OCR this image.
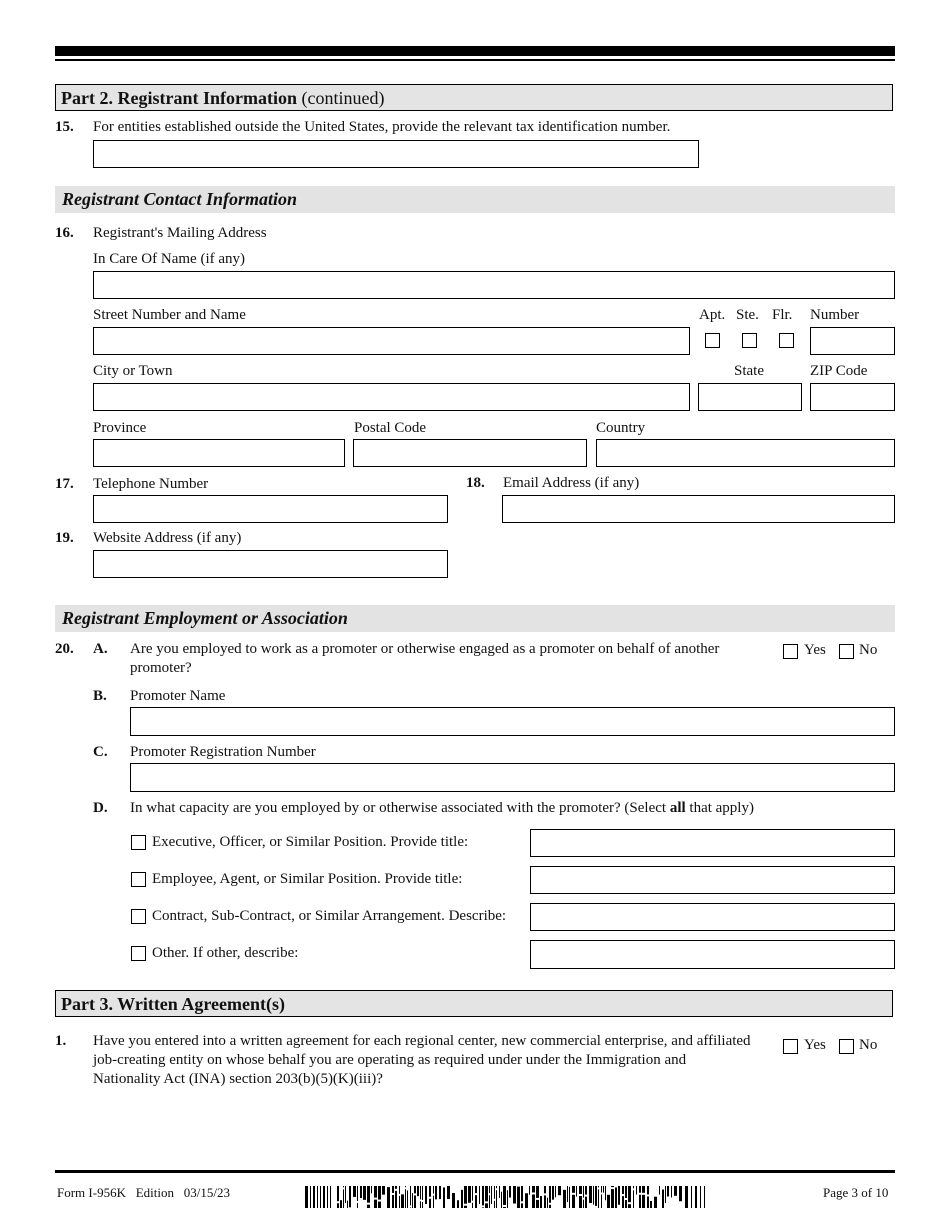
Part 2. Registrant Information (continued)
15. For entities established outside the United States, provide the relevant tax identification number.
Registrant Contact Information
16. Registrant's Mailing Address
In Care Of Name (if any)
Street Number and Name	Apt. Ste. Flr. Number
City or Town	State	ZIP Code
Province	Postal Code	Country
17. Telephone Number	18. Email Address (if any)
19. Website Address (if any)
Registrant Employment or Association
20. A. Are you employed to work as a promoter or otherwise engaged as a promoter on behalf of another
promoter?
Yes No
B. Promoter Name
C. Promoter Registration Number
D. In what capacity are you employed by or otherwise associated with the promoter? (Select all that apply)
Executive, Officer, or Similar Position. Provide title:
Employee, Agent, or Similar Position. Provide title:
Contract, Sub-Contract, or Similar Arrangement. Describe:
Other. If other, describe:
Part 3. Written Agreement(s)
1. Have you entered into a written agreement for each regional center, new commercial enterprise, and affiliated
job-creating entity on whose behalf you are operating as required under under the Immigration and
Nationality Act (INA) section 203(b)(5)(K)(iii)?
Yes No
Form I-956K Edition 03/15/23	Page 3 of 10
